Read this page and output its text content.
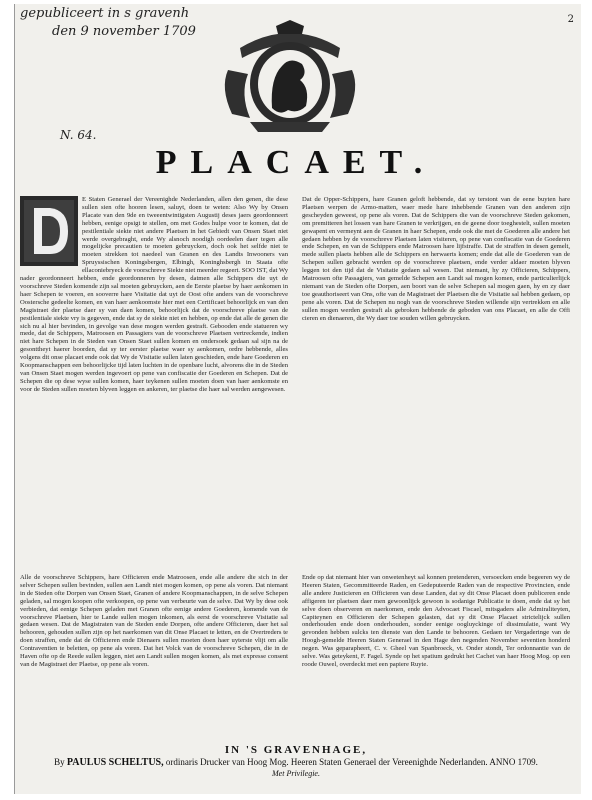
gepubliceert in s gravenh
den 9 november 1709
N. 64.
2
PLACAET.
E Staten Generael der Vereenighde Nederlanden, allen den genen, die dese sullen sien ofte hooren lesen, saluyt, doen te weten: Also Wy by Onsen Placate van den 9de en tweeentwintigsten Augustij deses jaers geordonneert hebben, eenige opsigt te stellen, om met Godes hulpe voor te komen, dat de pestilentiale siekte niet andere Plaetsen in het Gebiedt van Onsen Staet niet werde overgebraght, ende Wy alsnoch noodigh oordeelen daer tegen alle mogelijcke precautien te moeten gebruycken, doch ook het selfde niet te moeten strekken tot naedeel van Granen en des Landts Inwooners van Spruyssischen Koningsbergen, Elbingh, Koninghsbergh in Staata ofte ellaconiebryeck de voorschreve Siekte niet meerder regeert. SOO IST, dat Wy nader geordonneert hebben, ende geordonneren by desen, datmen alle Schippers die uyt de voorschreve Steden komende zijn sal moeten gebruycken, aen de Eerste plaetse by haer aenkomen in haer Schepen te voeren, en sooverre hare Visitatie dat uyt de Oost ofte anders van de voorschreve Oostersche gedeelte komen, en van haer aenkoomste hier met een Certificaet behoorlijck en van den Magistraet der plaetse daer sy van daen komen, behoorlijck dat de voorschreve plaetse van de pestilentiale siekte vry is gegeven, ende dat sy de siekte niet en hebben, op ende dat alle de genen die sich nu al hier bevinden, in gevolge van dese mogen werden gestraft. Gebooden ende statueren wy mede, dat de Schippers, Matroosen en Passagiers van de voorschreve Plaetsen vertreckende, indien niet hare Schepen in de Steden van Onsen Staet sullen komen en ondersoek gedaan sal sijn na de gesonttheyt haerer boorden, dat sy ter eerster plaetse waer sy aenkomen, ordre hebbende, alles volgens dit onse placaet ende ook dat Wy de Visitatie sullen laten geschieden, ende hare Goederen en Koopmanschappen een behoorlijcke tijd laten luchten in de openbare lucht, alvorens die in de Steden van Onsen Staet mogen werden ingevoert op pene van confiscatie der Goederen en Schepen. Dat de Schepen die op dese wyse sullen komen, haer teykenen sullen moeten doen van haer aenkomste en voor de Steden sullen moeten blyven leggen en ankeren, ter plaetse die haer sal werden aengewesen.
Dat de Opper-Schippers, hare Granen geloft hebbende, dat sy terstont van de eene buyten hare Plaetsen werpen de Armo-matten, waer mede hare inhebbende Granen van den anderen zijn gescheyden geweest, op pene als voren. Dat de Schippers die van de voorschreve Steden gekomen, om premitteren het lossen van hare Granen te verkrijgen, en de geene door toeghestelt, sullen moeten gewapent en vermeynt aen de Granen in haer Schepen, ende ook die met de Goederen alle andere het gedaen hebben by de voorschreve Plaetsen laten visiteren, op pene van confiscatie van de Goederen ende Schepen, en van de Schippers ende Matroosen hare lijfstraffe. Dat de straffen in desen gemelt, mede sullen plaets hebben alle de Schippers en herwaerts komen; ende dat alle de Goederen van de Schepen sullen gebracht werden op de voorschreve plaetsen, ende verder aldaer moeten blyven leggen tot den tijd dat de Visitatie gedaen sal wesen. Dat niemant, hy zy Officieren, Schippers, Matroosen ofte Passagiers, van gemelde Schepen aen Landt sal mogen komen, ende particulierlijck niemant van de Steden ofte Dorpen, aen boort van de selve Schepen sal mogen gaen, hy en zy daer toe geauthoriseert van Ons, ofte van de Magistraet der Plaetsen die de Visitatie sal hebben gedaen, op pene als voren. Dat de Schepen nu nogh van de voorschreve Steden willende sijn vertrekken en alle sullen mogen werden gestraft als gebroken hebbende de geboden van ons Placaet, en alle de Offi cieren en dienaeren, die Wy daer toe souden willen gebruycken.
Alle de voorschreve Schippers, hare Officieren ende Matroosen, ende alle andere die sich in der selver Schepen sullen bevinden, sullen aen Landt niet mogen komen, op pene als voren. Dat niemant in de Steden ofte Dorpen van Onsen Staet, Granen of andere Koopmanschappen, in de selve Schepen geladen, sal mogen koopen ofte verkoopen, op pene van verbeurte van de selve. Dat Wy by dese ook verbieden, dat eenige Schepen geladen met Granen ofte eenige andere Goederen, komende van de voorschreve Plaetsen, hier te Lande sullen mogen inkomen, als eerst de voorschreve Visitatie sal gedaen wesen. Dat de Magistraten van de Steden ende Dorpen, ofte andere Officieren, daer het sal behooren, gehouden sullen zijn op het naerkomen van dit Onse Placaet te letten, en de Overtreders te doen straffen, ende dat de Officieren ende Dienaers sullen moeten doen haer uyterste vlijt om alle Contraventien te beletten, op pene als voren. Dat het Volck van de voorschreve Schepen, die in de Haven ofte op de Reede sullen leggen, niet aen Landt sullen mogen komen, als met expresse consent van de Magistraet der Plaetse, op pene als voren.
Ende op dat niemant hier van onwetenheyt sal konnen pretenderen, versoecken ende begeeren wy de Heeren Staten, Gecommitteerde Raden, en Gedeputeerde Raden van de respective Provincien, ende alle andere Justicieren en Officieren van dese Landen, dat sy dit Onse Placaet doen publiceren ende affigeren ter plaetsen daer men gewoonlijck gewoon is sodanige Publicatie te doen, ende dat sy het selve doen observeren en naerkomen, ende den Advocaet Fiscael, mitsgaders alle Admiraliteyten, Capiteynen en Officieren der Schepen gelasten, dat sy dit Onse Placaet strictelijck sullen onderhouden ende doen onderhouden, sonder eenige oogluyckinge of dissimulatie, want Wy gevonden hebben sulcks ten dienste van den Lande te behooren. Gedaen ter Vergaderinge van de Hoogh-gemelde Heeren Staten Generael in den Hage den negenden November seventien honderd negen. Was geparapheert, C. v. Gheel van Spanbroeck, vt. Onder stondt, Ter ordonnantie van de selve. Was geteykent, F. Fagel. Synde op het spatium gedrukt het Cachet van haer Hoog Mog. op een roode Ouwel, overdeckt met een papiere Ruyte.
IN 'S GRAVENHAGE,
By PAULUS SCHELTUS, ordinaris Drucker van Hoog Mog. Heeren Staten Generael der Vereenighde Nederlanden. ANNO 1709.
Met Privilegie.
